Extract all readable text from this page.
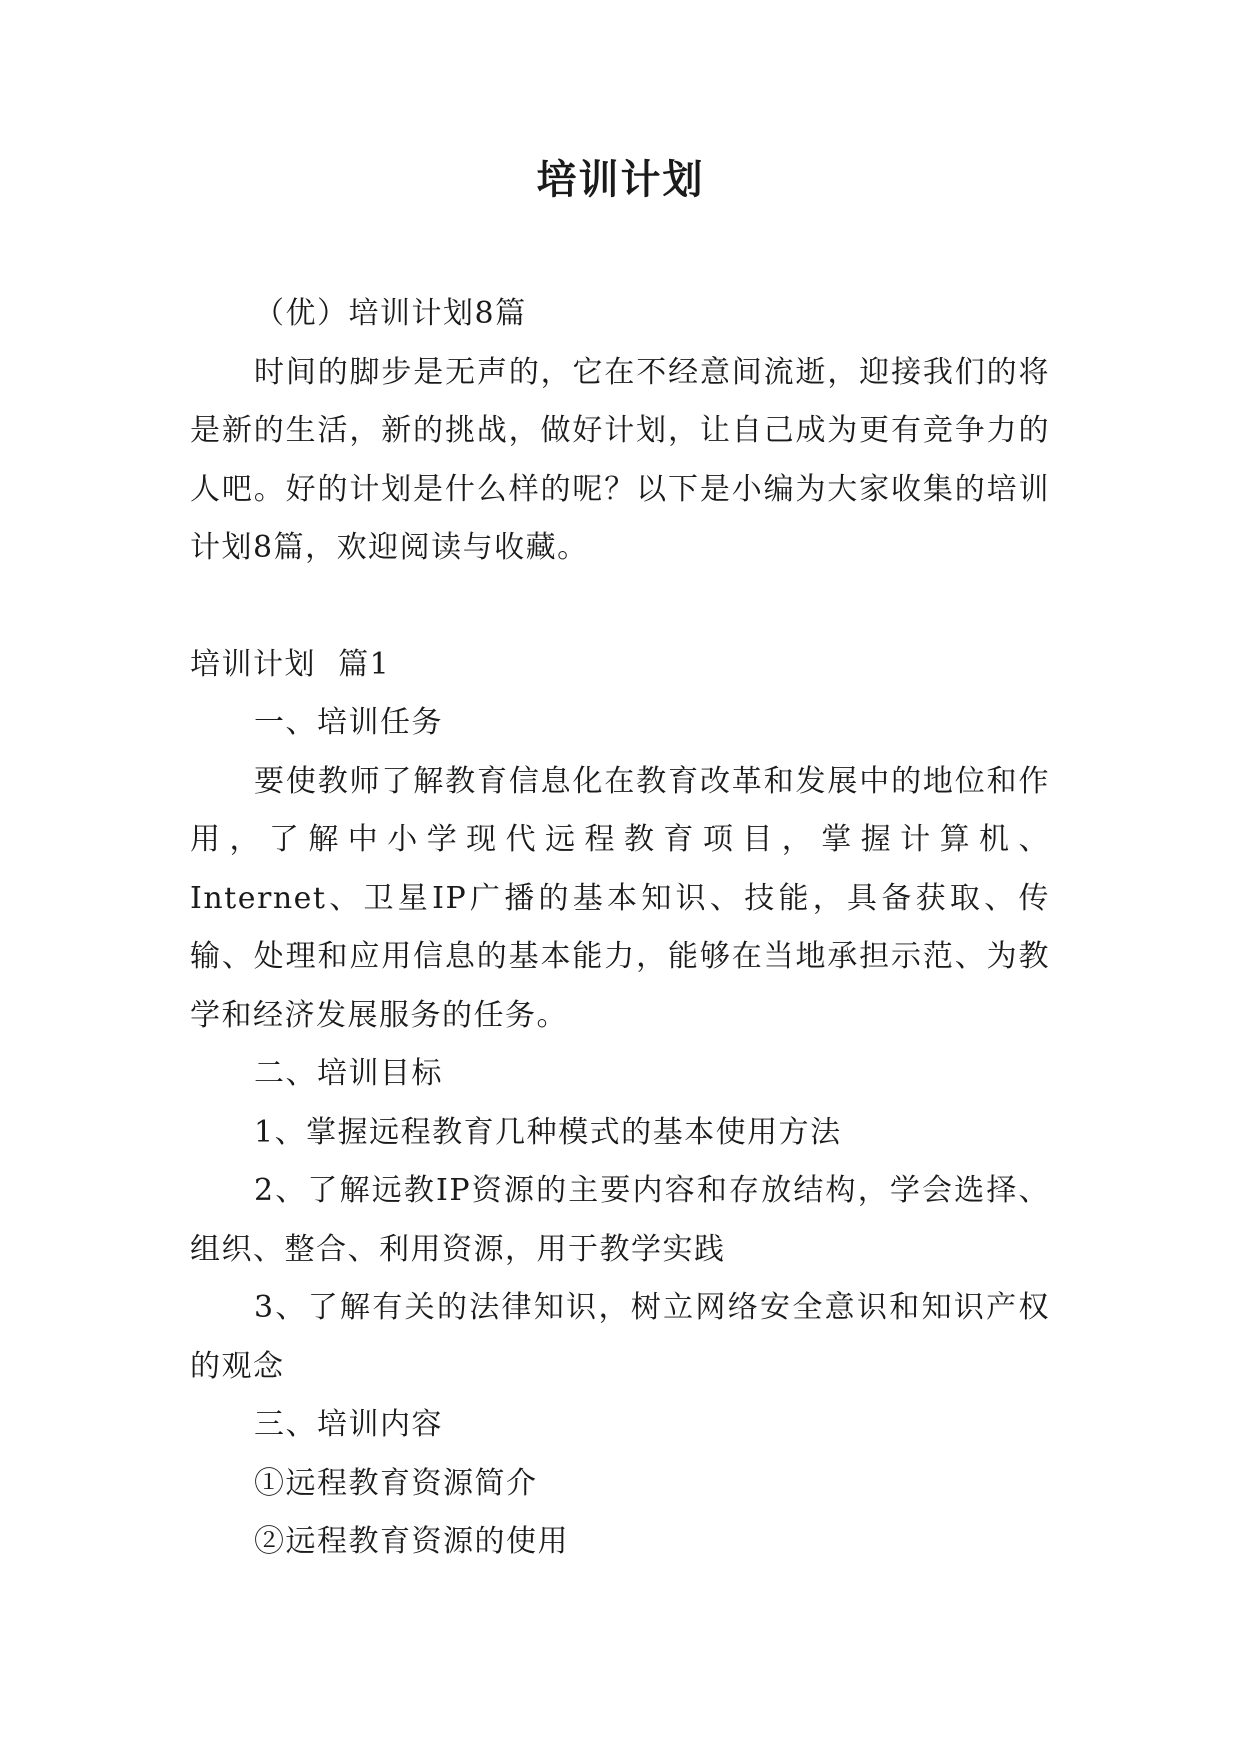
培训计划

（优）培训计划8篇

时间的脚步是无声的，它在不经意间流逝，迎接我们的将是新的生活，新的挑战，做好计划，让自己成为更有竞争力的人吧。好的计划是什么样的呢？以下是小编为大家收集的培训计划8篇，欢迎阅读与收藏。

培训计划  篇1

一、培训任务

要使教师了解教育信息化在教育改革和发展中的地位和作用，了解中小学现代远程教育项目，掌握计算机、Internet、卫星IP广播的基本知识、技能，具备获取、传输、处理和应用信息的基本能力，能够在当地承担示范、为教学和经济发展服务的任务。

二、培训目标

1、掌握远程教育几种模式的基本使用方法

2、了解远教IP资源的主要内容和存放结构，学会选择、组织、整合、利用资源，用于教学实践

3、了解有关的法律知识，树立网络安全意识和知识产权的观念

三、培训内容

①远程教育资源简介

②远程教育资源的使用
